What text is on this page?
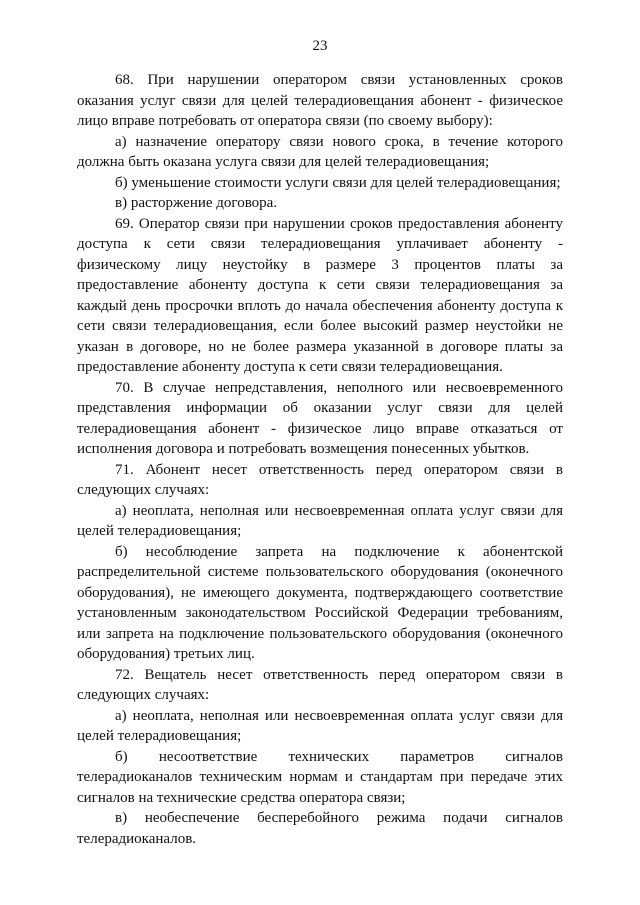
23

68. При нарушении оператором связи установленных сроков оказания услуг связи для целей телерадиовещания абонент - физическое лицо вправе потребовать от оператора связи (по своему выбору):

а) назначение оператору связи нового срока, в течение которого должна быть оказана услуга связи для целей телерадиовещания;

б) уменьшение стоимости услуги связи для целей телерадиовещания;

в) расторжение договора.

69. Оператор связи при нарушении сроков предоставления абоненту доступа к сети связи телерадиовещания уплачивает абоненту - физическому лицу неустойку в размере 3 процентов платы за предоставление абоненту доступа к сети связи телерадиовещания за каждый день просрочки вплоть до начала обеспечения абоненту доступа к сети связи телерадиовещания, если более высокий размер неустойки не указан в договоре, но не более размера указанной в договоре платы за предоставление абоненту доступа к сети связи телерадиовещания.

70. В случае непредставления, неполного или несвоевременного представления информации об оказании услуг связи для целей телерадиовещания абонент - физическое лицо вправе отказаться от исполнения договора и потребовать возмещения понесенных убытков.

71. Абонент несет ответственность перед оператором связи в следующих случаях:

а) неоплата, неполная или несвоевременная оплата услуг связи для целей телерадиовещания;

б) несоблюдение запрета на подключение к абонентской распределительной системе пользовательского оборудования (оконечного оборудования), не имеющего документа, подтверждающего соответствие установленным законодательством Российской Федерации требованиям, или запрета на подключение пользовательского оборудования (оконечного оборудования) третьих лиц.

72. Вещатель несет ответственность перед оператором связи в следующих случаях:

а) неоплата, неполная или несвоевременная оплата услуг связи для целей телерадиовещания;

б) несоответствие технических параметров сигналов телерадиоканалов техническим нормам и стандартам при передаче этих сигналов на технические средства оператора связи;

в) необеспечение бесперебойного режима подачи сигналов телерадиоканалов.
